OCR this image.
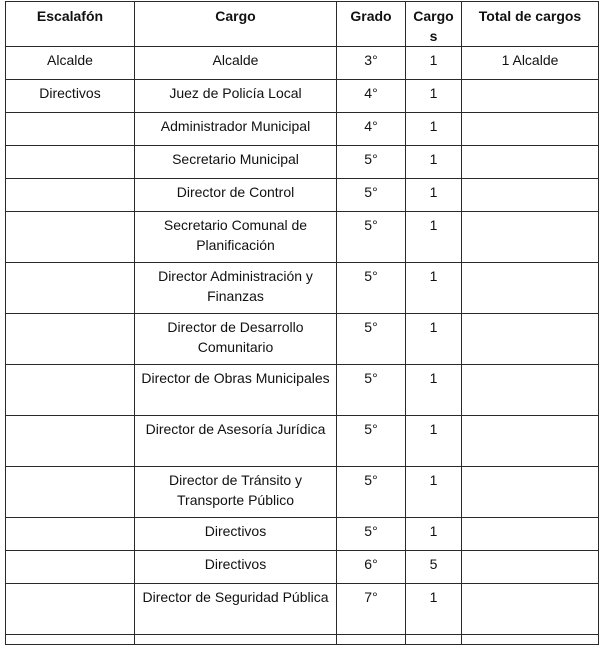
Escalafón	Cargo	Grado	Cargos	Total de cargos
Alcalde	Alcalde	3°	1	1 Alcalde
Directivos	Juez de Policía Local	4°	1	
	Administrador Municipal	4°	1	
	Secretario Municipal	5°	1	
	Director de Control	5°	1	
	Secretario Comunal de Planificación	5°	1	
	Director Administración y Finanzas	5°	1	
	Director de Desarrollo Comunitario	5°	1	
	Director de Obras Municipales	5°	1	
	Director de Asesoría Jurídica	5°	1	
	Director de Tránsito y Transporte Público	5°	1	
	Directivos	5°	1	
	Directivos	6°	5	
	Director de Seguridad Pública	7°	1	
